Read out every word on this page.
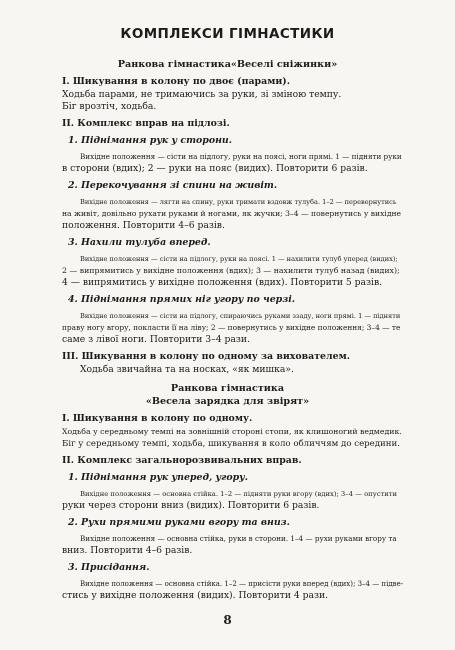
КОМПЛЕКСИ ГІМНАСТИКИ
Ранкова гімнастика«Веселі сніжинки»
І. Шикування в колону по двоє (парами).
Ходьба парами, не тримаючись за руки, зі зміною темпу.
Біг врозтіч, ходьба.
ІІ. Комплекс вправ на підлозі.
1. Піднімання рук у сторони.
Вихідне положення — сісти на підлогу, руки на поясі, ноги прямі. 1 — підняти руки
в сторони (вдих); 2 — руки на пояс (видих). Повторити 6 разів.
2. Перекочування зі спини на живіт.
Вихідне положення — лягти на спину, руки тримати вздовж тулуба. 1–2 — перевернутись
на живіт, довільно рухати руками й ногами, як жучки; 3–4 — повернутись у вихідне
положення. Повторити 4–6 разів.
3. Нахили тулуба вперед.
Вихідне положення — сісти на підлогу, руки на поясі. 1 — нахилити тулуб уперед (видих);
2 — випрямитись у вихідне положення (вдих); 3 — нахилити тулуб назад (видих);
4 — випрямитись у вихідне положення (вдих). Повторити 5 разів.
4. Піднімання прямих ніг угору по черзі.
Вихідне положення — сісти на підлогу, спираючись руками ззаду, ноги прямі. 1 — підняти
праву ногу вгору, покласти її на ліву; 2 — повернутись у вихідне положення; 3–4 — те
саме з лівої ноги. Повторити 3–4 рази.
ІІІ. Шикування в колону по одному за вихователем.
Ходьба звичайна та на носках, «як мишка».
Ранкова гімнастика
«Весела зарядка для звірят»
І. Шикування в колону по одному.
Ходьба у середньому темпі на зовнішній стороні стопи, як клишоногий ведмедик.
Біг у середньому темпі, ходьба, шикування в коло обличчям до середини.
ІІ. Комплекс загальнорозвивальних вправ.
1. Піднімання рук уперед, угору.
Вихідне положення — основна стійка. 1–2 — підняти руки вгору (вдих); 3–4 — опустити
руки через сторони вниз (видих). Повторити 6 разів.
2. Рухи прямими руками вгору та вниз.
Вихідне положення — основна стійка, руки в сторони. 1–4 — рухи руками вгору та
вниз. Повторити 4–6 разів.
3. Присідання.
Вихідне положення — основна стійка. 1–2 — присісти руки вперед (вдих); 3–4 — підве-
стись у вихідне положення (видих). Повторити 4 рази.
8
